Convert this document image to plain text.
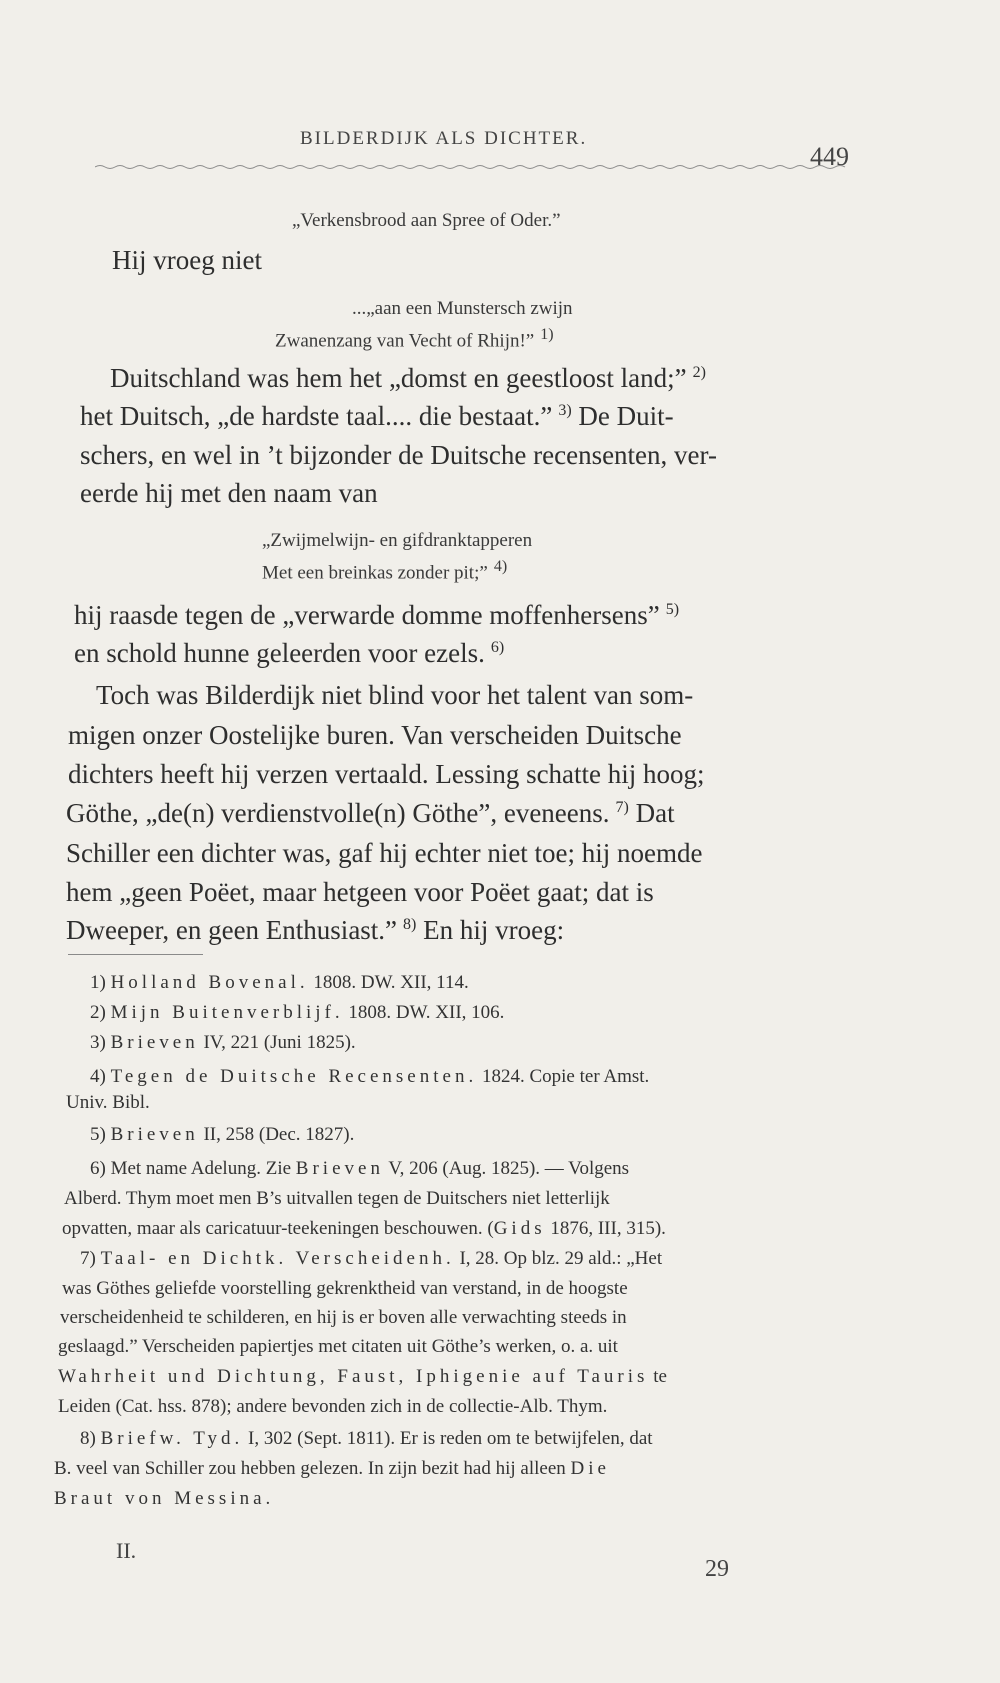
BILDERDIJK ALS DICHTER.
449
„Verkensbrood aan Spree of Oder.”
Hij vroeg niet
...„aan een Munstersch zwijn
Zwanenzang van Vecht of Rhijn!” $^{1)}$
Duitschland was hem het „domst en geestloost land;” $^{2)}$
het Duitsch, „de hardste taal.... die bestaat.” $^{3)}$ De Duit-
schers, en wel in ’t bijzonder de Duitsche recensenten, ver-
eerde hij met den naam van
„Zwijmelwijn- en gifdranktapperen
Met een breinkas zonder pit;” $^{4)}$
hij raasde tegen de „verwarde domme moffenhersens” $^{5)}$
en schold hunne geleerden voor ezels. $^{6)}$
Toch was Bilderdijk niet blind voor het talent van som-
migen onzer Oostelijke buren. Van verscheiden Duitsche
dichters heeft hij verzen vertaald. Lessing schatte hij hoog;
Göthe, „de(n) verdienstvolle(n) Göthe”, eveneens. $^{7)}$ Dat
Schiller een dichter was, gaf hij echter niet toe; hij noemde
hem „geen Poëet, maar hetgeen voor Poëet gaat; dat is
Dweeper, en geen Enthusiast.” $^{8)}$ En hij vroeg:
1) Holland Bovenal. 1808. DW. XII, 114.
2) Mijn Buitenverblijf. 1808. DW. XII, 106.
3) Brieven IV, 221 (Juni 1825).
4) Tegen de Duitsche Recensenten. 1824. Copie ter Amst.
Univ. Bibl.
5) Brieven II, 258 (Dec. 1827).
6) Met name Adelung. Zie Brieven V, 206 (Aug. 1825). — Volgens
Alberd. Thym moet men B’s uitvallen tegen de Duitschers niet letterlijk
opvatten, maar als caricatuur-teekeningen beschouwen. (Gids 1876, III, 315).
7) Taal- en Dichtk. Verscheidenh. I, 28. Op blz. 29 ald.: „Het
was Göthes geliefde voorstelling gekrenktheid van verstand, in de hoogste
verscheidenheid te schilderen, en hij is er boven alle verwachting steeds in
geslaagd.” Verscheiden papiertjes met citaten uit Göthe’s werken, o. a. uit
Wahrheit und Dichtung, Faust, Iphigenie auf Tauris te
Leiden (Cat. hss. 878); andere bevonden zich in de collectie-Alb. Thym.
8) Briefw. Tyd. I, 302 (Sept. 1811). Er is reden om te betwijfelen, dat
B. veel van Schiller zou hebben gelezen. In zijn bezit had hij alleen Die
Braut von Messina.
II.
29
